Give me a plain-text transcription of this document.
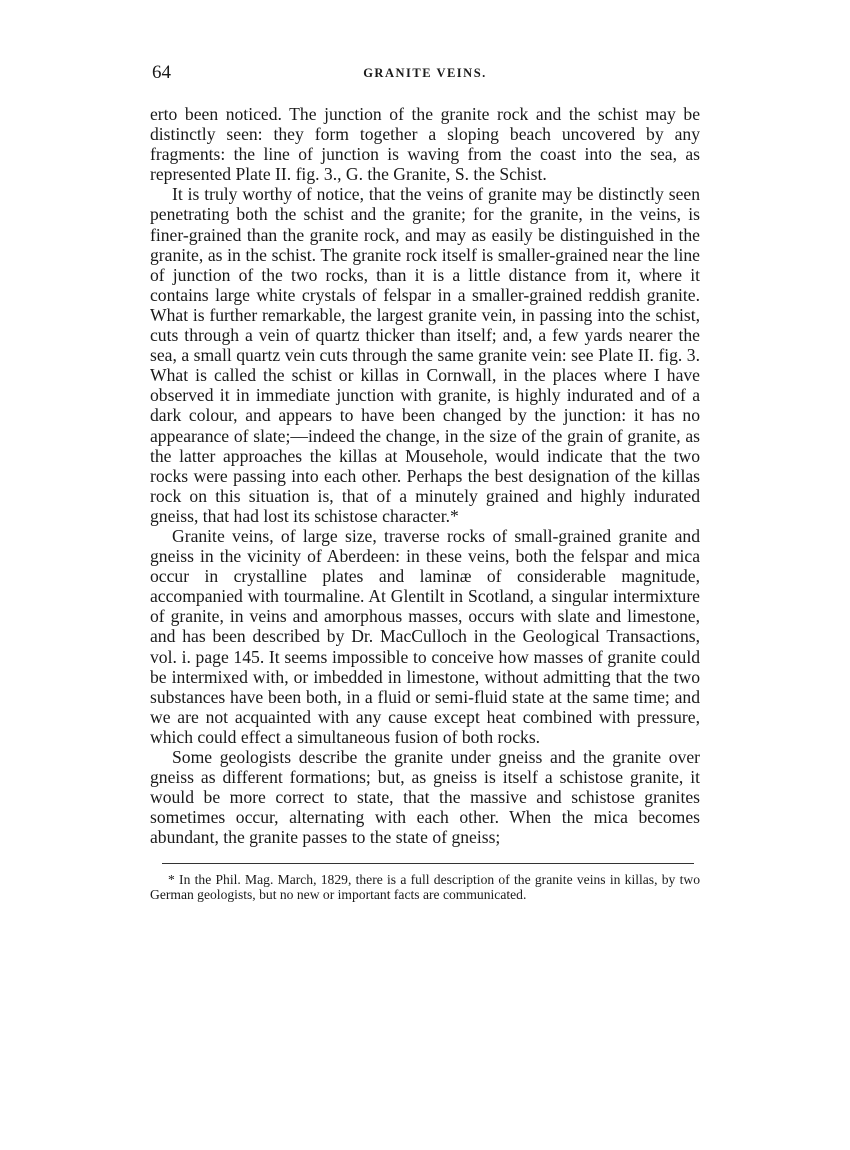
64	GRANITE VEINS.

erto been noticed. The junction of the granite rock and the schist may be distinctly seen: they form together a sloping beach uncovered by any fragments: the line of junction is waving from the coast into the sea, as represented Plate II. fig. 3., G. the Granite, S. the Schist.

It is truly worthy of notice, that the veins of granite may be distinctly seen penetrating both the schist and the granite; for the granite, in the veins, is finer-grained than the granite rock, and may as easily be distinguished in the granite, as in the schist. The granite rock itself is smaller-grained near the line of junction of the two rocks, than it is a little distance from it, where it contains large white crystals of felspar in a smaller-grained reddish granite. What is further remarkable, the largest granite vein, in passing into the schist, cuts through a vein of quartz thicker than itself; and, a few yards nearer the sea, a small quartz vein cuts through the same granite vein: see Plate II. fig. 3. What is called the schist or killas in Cornwall, in the places where I have observed it in immediate junction with granite, is highly indurated and of a dark colour, and appears to have been changed by the junction: it has no appearance of slate;—indeed the change, in the size of the grain of granite, as the latter approaches the killas at Mousehole, would indicate that the two rocks were passing into each other. Perhaps the best designation of the killas rock on this situation is, that of a minutely grained and highly indurated gneiss, that had lost its schistose character.*

Granite veins, of large size, traverse rocks of small-grained granite and gneiss in the vicinity of Aberdeen: in these veins, both the felspar and mica occur in crystalline plates and laminæ of considerable magnitude, accompanied with tourmaline. At Glentilt in Scotland, a singular intermixture of granite, in veins and amorphous masses, occurs with slate and limestone, and has been described by Dr. MacCulloch in the Geological Transactions, vol. i. page 145. It seems impossible to conceive how masses of granite could be intermixed with, or imbedded in limestone, without admitting that the two substances have been both, in a fluid or semi-fluid state at the same time; and we are not acquainted with any cause except heat combined with pressure, which could effect a simultaneous fusion of both rocks.

Some geologists describe the granite under gneiss and the granite over gneiss as different formations; but, as gneiss is itself a schistose granite, it would be more correct to state, that the massive and schistose granites sometimes occur, alternating with each other. When the mica becomes abundant, the granite passes to the state of gneiss;

* In the Phil. Mag. March, 1829, there is a full description of the granite veins in killas, by two German geologists, but no new or important facts are communicated.
